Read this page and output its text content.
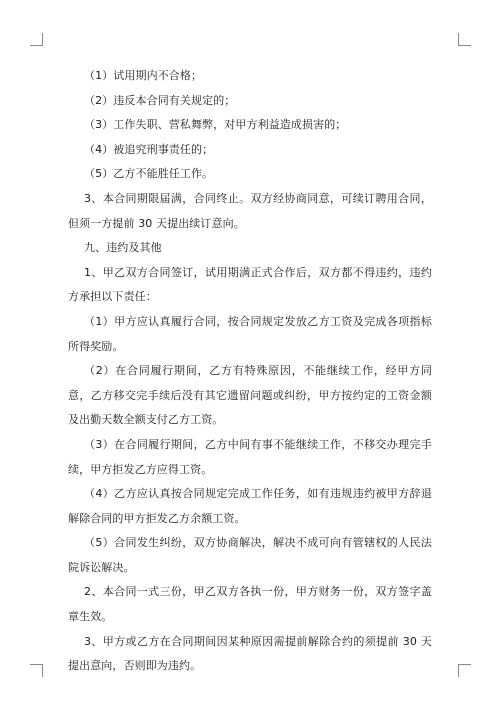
（1）试用期内不合格；

（2）违反本合同有关规定的；

（3）工作失职、营私舞弊，对甲方利益造成损害的；

（4）被追究刑事责任的；

（5）乙方不能胜任工作。

3、本合同期限届满，合同终止。双方经协商同意，可续订聘用合同，但须一方提前 30 天提出续订意向。

九、违约及其他

1、甲乙双方合同签订，试用期满正式合作后，双方都不得违约，违约方承担以下责任：

（1）甲方应认真履行合同，按合同规定发放乙方工资及完成各项指标所得奖励。

（2）在合同履行期间，乙方有特殊原因，不能继续工作，经甲方同意，乙方移交完手续后没有其它遗留问题或纠纷，甲方按约定的工资金额及出勤天数全额支付乙方工资。

（3）在合同履行期间，乙方中间有事不能继续工作，不移交办理完手续，甲方拒发乙方应得工资。

（4）乙方应认真按合同规定完成工作任务，如有违规违约被甲方辞退解除合同的甲方拒发乙方余额工资。

（5）合同发生纠纷，双方协商解决，解决不成可向有管辖权的人民法院诉讼解决。

2、本合同一式三份，甲乙双方各执一份，甲方财务一份，双方签字盖章生效。

3、甲方或乙方在合同期间因某种原因需提前解除合约的须提前 30 天提出意向，否则即为违约。
